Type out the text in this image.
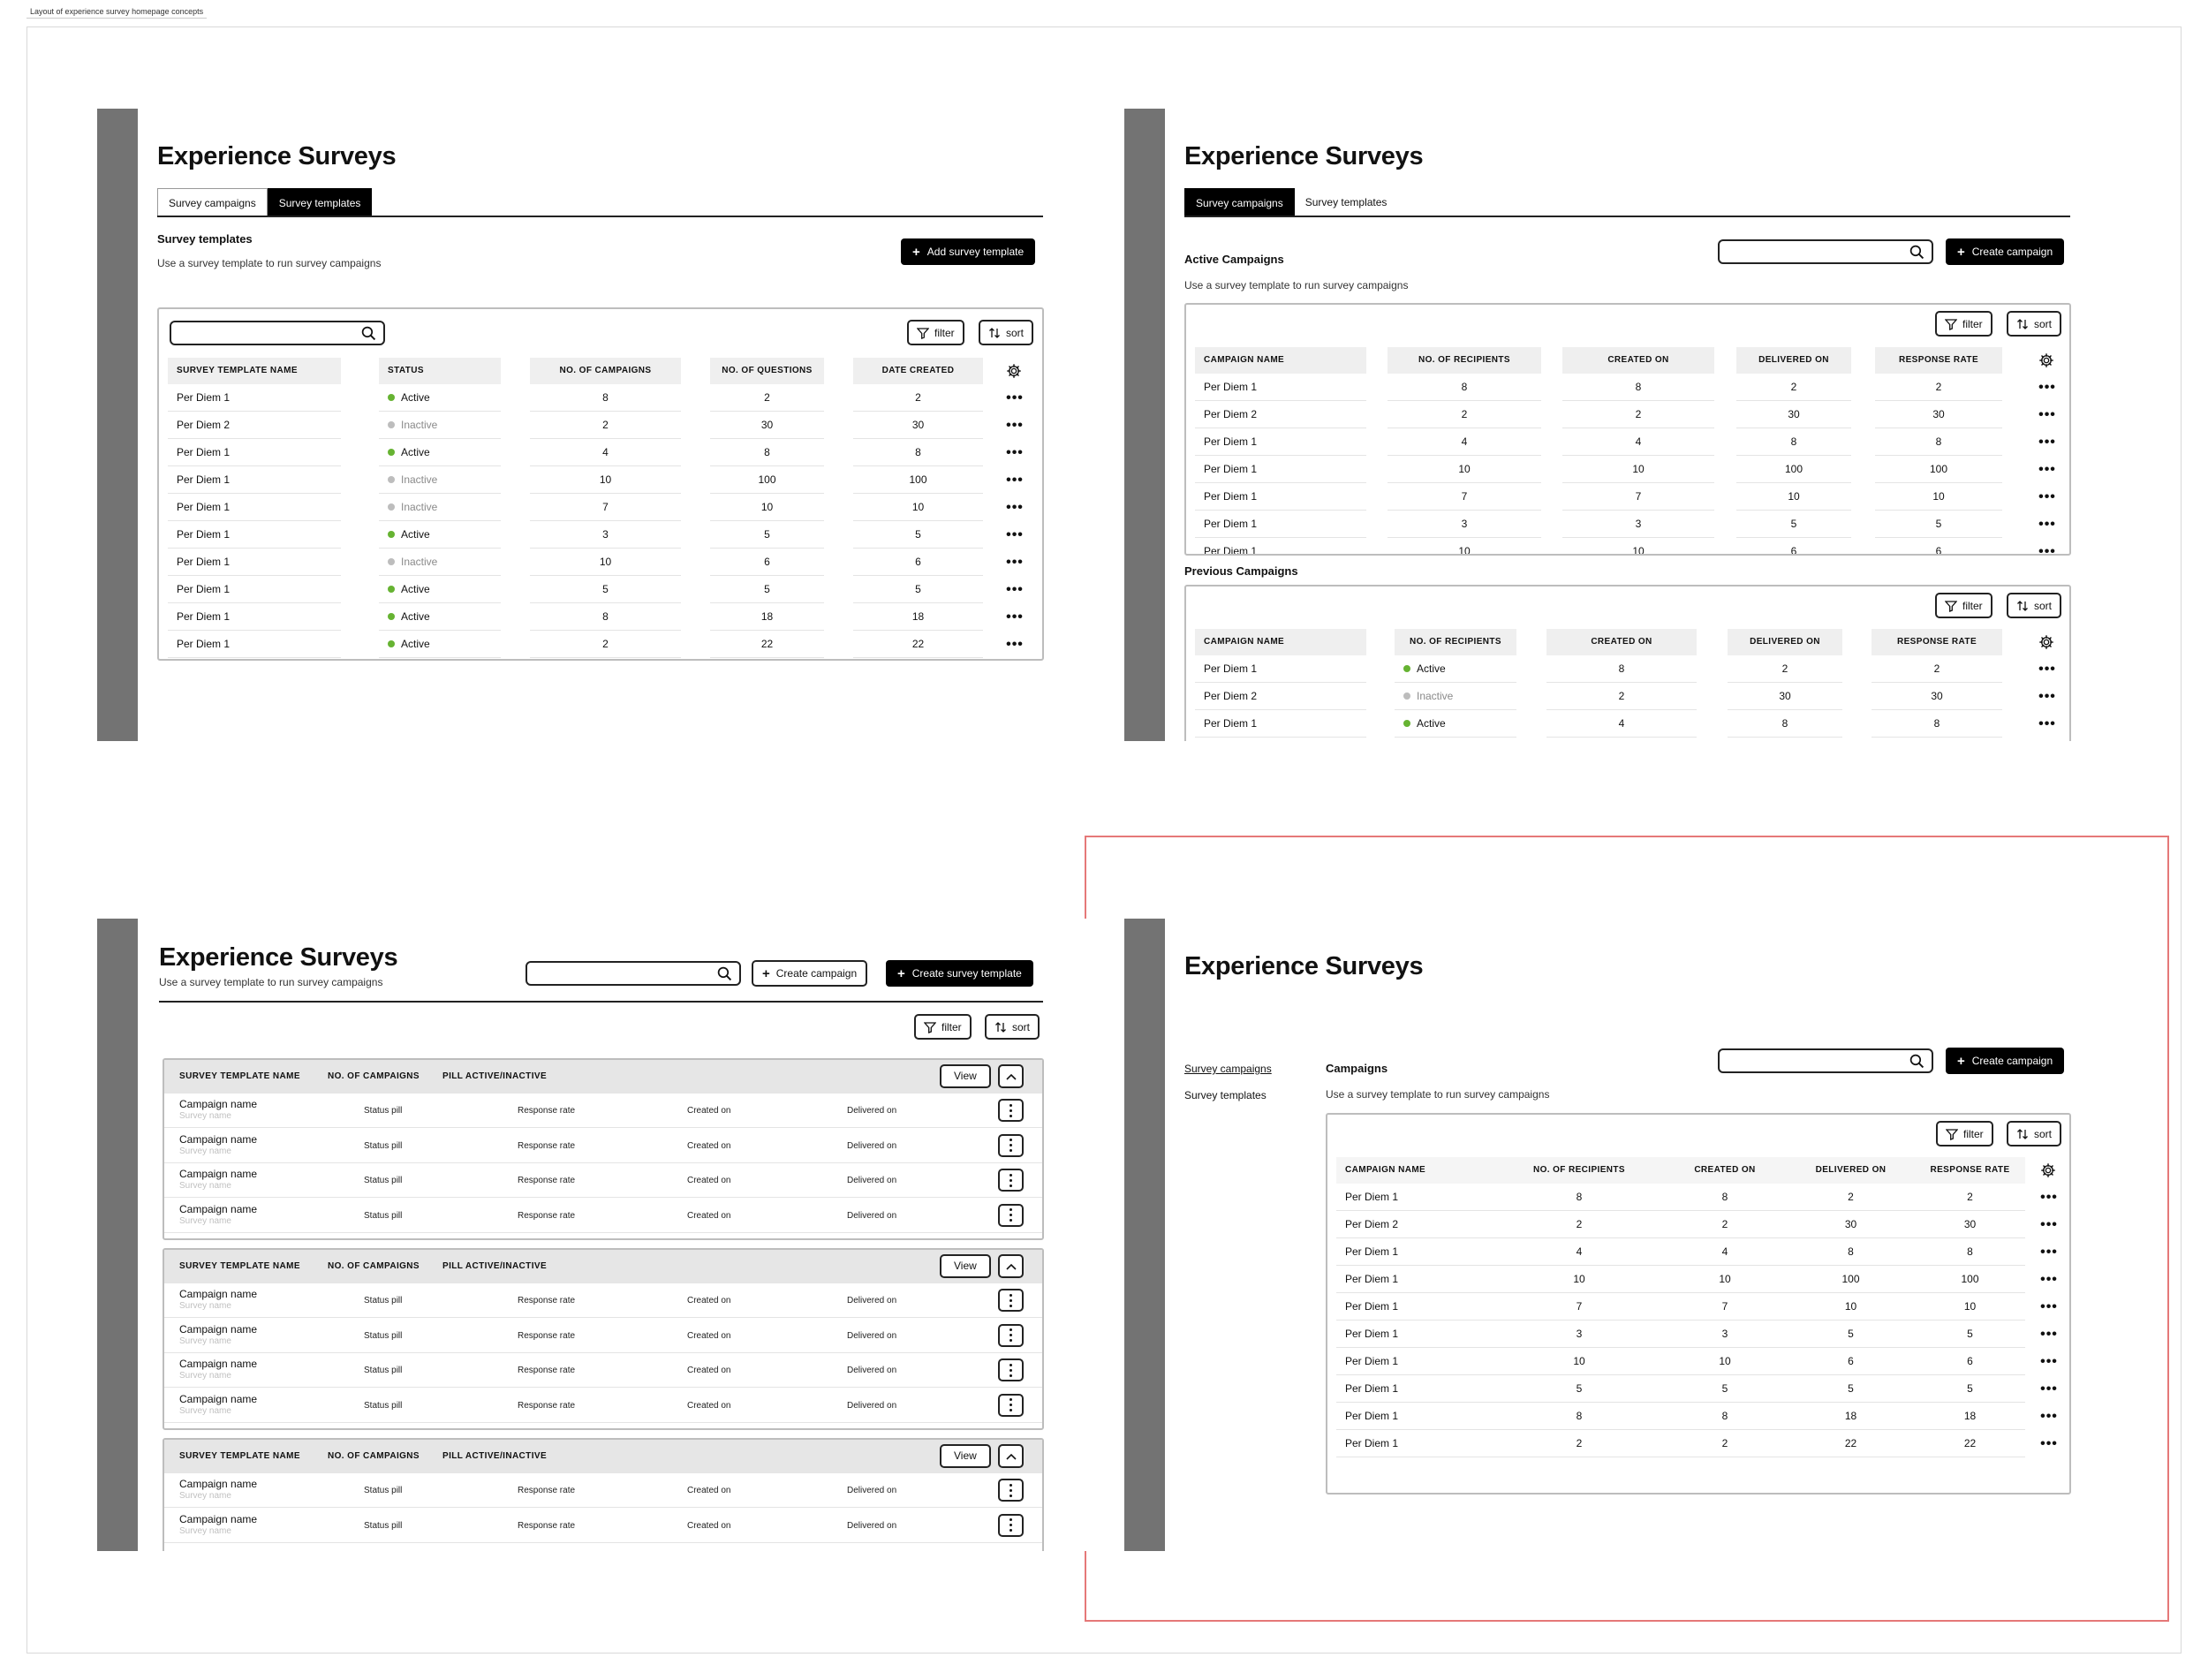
Layout of experience survey homepage concepts
Experience Surveys
Survey campaigns	Survey templates
Survey templates
Use a survey template to run survey campaigns
+ Add survey template
filter	sort
SURVEY TEMPLATE NAME	STATUS	NO. OF CAMPAIGNS	NO. OF QUESTIONS	DATE CREATED
Per Diem 1	Active	8	2	2	•••
Per Diem 2	Inactive	2	30	30	•••
Per Diem 1	Active	4	8	8	•••
Per Diem 1	Inactive	10	100	100	•••
Per Diem 1	Inactive	7	10	10	•••
Per Diem 1	Active	3	5	5	•••
Per Diem 1	Inactive	10	6	6	•••
Per Diem 1	Active	5	5	5	•••
Per Diem 1	Active	8	18	18	•••
Per Diem 1	Active	2	22	22	•••
Experience Surveys
Survey campaigns	Survey templates
+ Create campaign
Active Campaigns
Use a survey template to run survey campaigns
filter	sort
CAMPAIGN NAME	NO. OF RECIPIENTS	CREATED ON	DELIVERED ON	RESPONSE RATE
Per Diem 1	8	8	2	2	•••
Per Diem 2	2	2	30	30	•••
Per Diem 1	4	4	8	8	•••
Per Diem 1	10	10	100	100	•••
Per Diem 1	7	7	10	10	•••
Per Diem 1	3	3	5	5	•••
Per Diem 1	10	10	6	6	•••
Previous Campaigns
filter	sort
CAMPAIGN NAME	NO. OF RECIPIENTS	CREATED ON	DELIVERED ON	RESPONSE RATE
Per Diem 1	Active	8	2	2	•••
Per Diem 2	Inactive	2	30	30	•••
Per Diem 1	Active	4	8	8	•••
Experience Surveys
Use a survey template to run survey campaigns
+ Create campaign	+ Create survey template
filter	sort
SURVEY TEMPLATE NAME	NO. OF CAMPAIGNS	PILL ACTIVE/INACTIVE	View
Campaign name
Survey name
Status pill	Response rate	Created on	Delivered on
Campaign name
Survey name
Status pill	Response rate	Created on	Delivered on
Campaign name
Survey name
Status pill	Response rate	Created on	Delivered on
Campaign name
Survey name
Status pill	Response rate	Created on	Delivered on
SURVEY TEMPLATE NAME	NO. OF CAMPAIGNS	PILL ACTIVE/INACTIVE	View
Campaign name
Survey name
Status pill	Response rate	Created on	Delivered on
Campaign name
Survey name
Status pill	Response rate	Created on	Delivered on
Campaign name
Survey name
Status pill	Response rate	Created on	Delivered on
Campaign name
Survey name
Status pill	Response rate	Created on	Delivered on
SURVEY TEMPLATE NAME	NO. OF CAMPAIGNS	PILL ACTIVE/INACTIVE	View
Campaign name
Survey name
Status pill	Response rate	Created on	Delivered on
Campaign name
Survey name
Status pill	Response rate	Created on	Delivered on
Experience Surveys
Survey campaigns
Survey templates
Campaigns
Use a survey template to run survey campaigns
+ Create campaign
filter	sort
CAMPAIGN NAME	NO. OF RECIPIENTS	CREATED ON	DELIVERED ON	RESPONSE RATE
Per Diem 1	8	8	2	2	•••
Per Diem 2	2	2	30	30	•••
Per Diem 1	4	4	8	8	•••
Per Diem 1	10	10	100	100	•••
Per Diem 1	7	7	10	10	•••
Per Diem 1	3	3	5	5	•••
Per Diem 1	10	10	6	6	•••
Per Diem 1	5	5	5	5	•••
Per Diem 1	8	8	18	18	•••
Per Diem 1	2	2	22	22	•••
